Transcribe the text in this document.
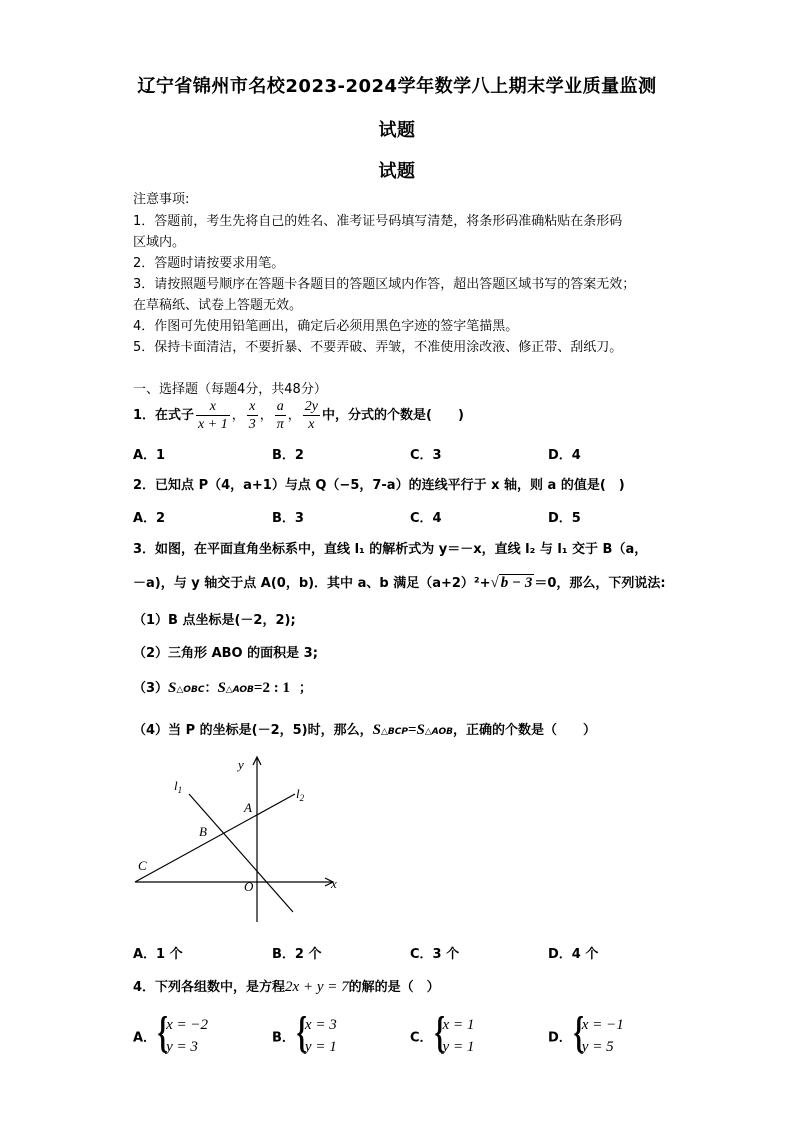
辽宁省锦州市名校2023-2024学年数学八上期末学业质量监测
试题
试题
注意事项:
1．答题前，考生先将自己的姓名、准考证号码填写清楚，将条形码准确粘贴在条形码
区域内。
2．答题时请按要求用笔。
3．请按照题号顺序在答题卡各题目的答题区域内作答，超出答题区域书写的答案无效；
在草稿纸、试卷上答题无效。
4．作图可先使用铅笔画出，确定后必须用黑色字迹的签字笔描黑。
5．保持卡面清洁，不要折暴、不要弄破、弄皱，不准使用涂改液、修正带、刮纸刀。
一、选择题（每题4分，共48分）
1．在式子 $\frac{x}{x + 1}$ ， $\frac{x}{3}$ ， $\frac{a}{\pi}$ ， $\frac{2y}{x}$ 中，分式的个数是(　　)
A．1	B．2	C．3	D．4
2．已知点 P（4，a+1）与点 Q（−5，7-a）的连线平行于 x 轴，则 a 的值是(　)
A．2	B．3	C．4	D．5
3．如图，在平面直角坐标系中，直线 l₁ 的解析式为 y＝－x，直线 l₂ 与 l₁ 交于 B（a，
－a)，与 y 轴交于点 A(0，b)．其中 a、b 满足（a+2）²+√ b − 3 ＝0，那么，下列说法:
（1）B 点坐标是(－2，2);
（2）三角形 ABO 的面积是 3;
（3）S△OBC：S△AOB=2 : 1 ；
（4）当 P 的坐标是(－2，5)时，那么，S△BCP=S△AOB，正确的个数是（　　）
y
x
$l_1$	$l_2$
A
B
C
O
A．1 个	B．2 个	C．3 个	D．4 个
4．下列各组数中，是方程2x + y = 7的解的是（　）
A． {
x = −2
y = 3
B． {
x = 3
y = 1
C． {
x = 1
y = 1
D． {
x = −1
y = 5
